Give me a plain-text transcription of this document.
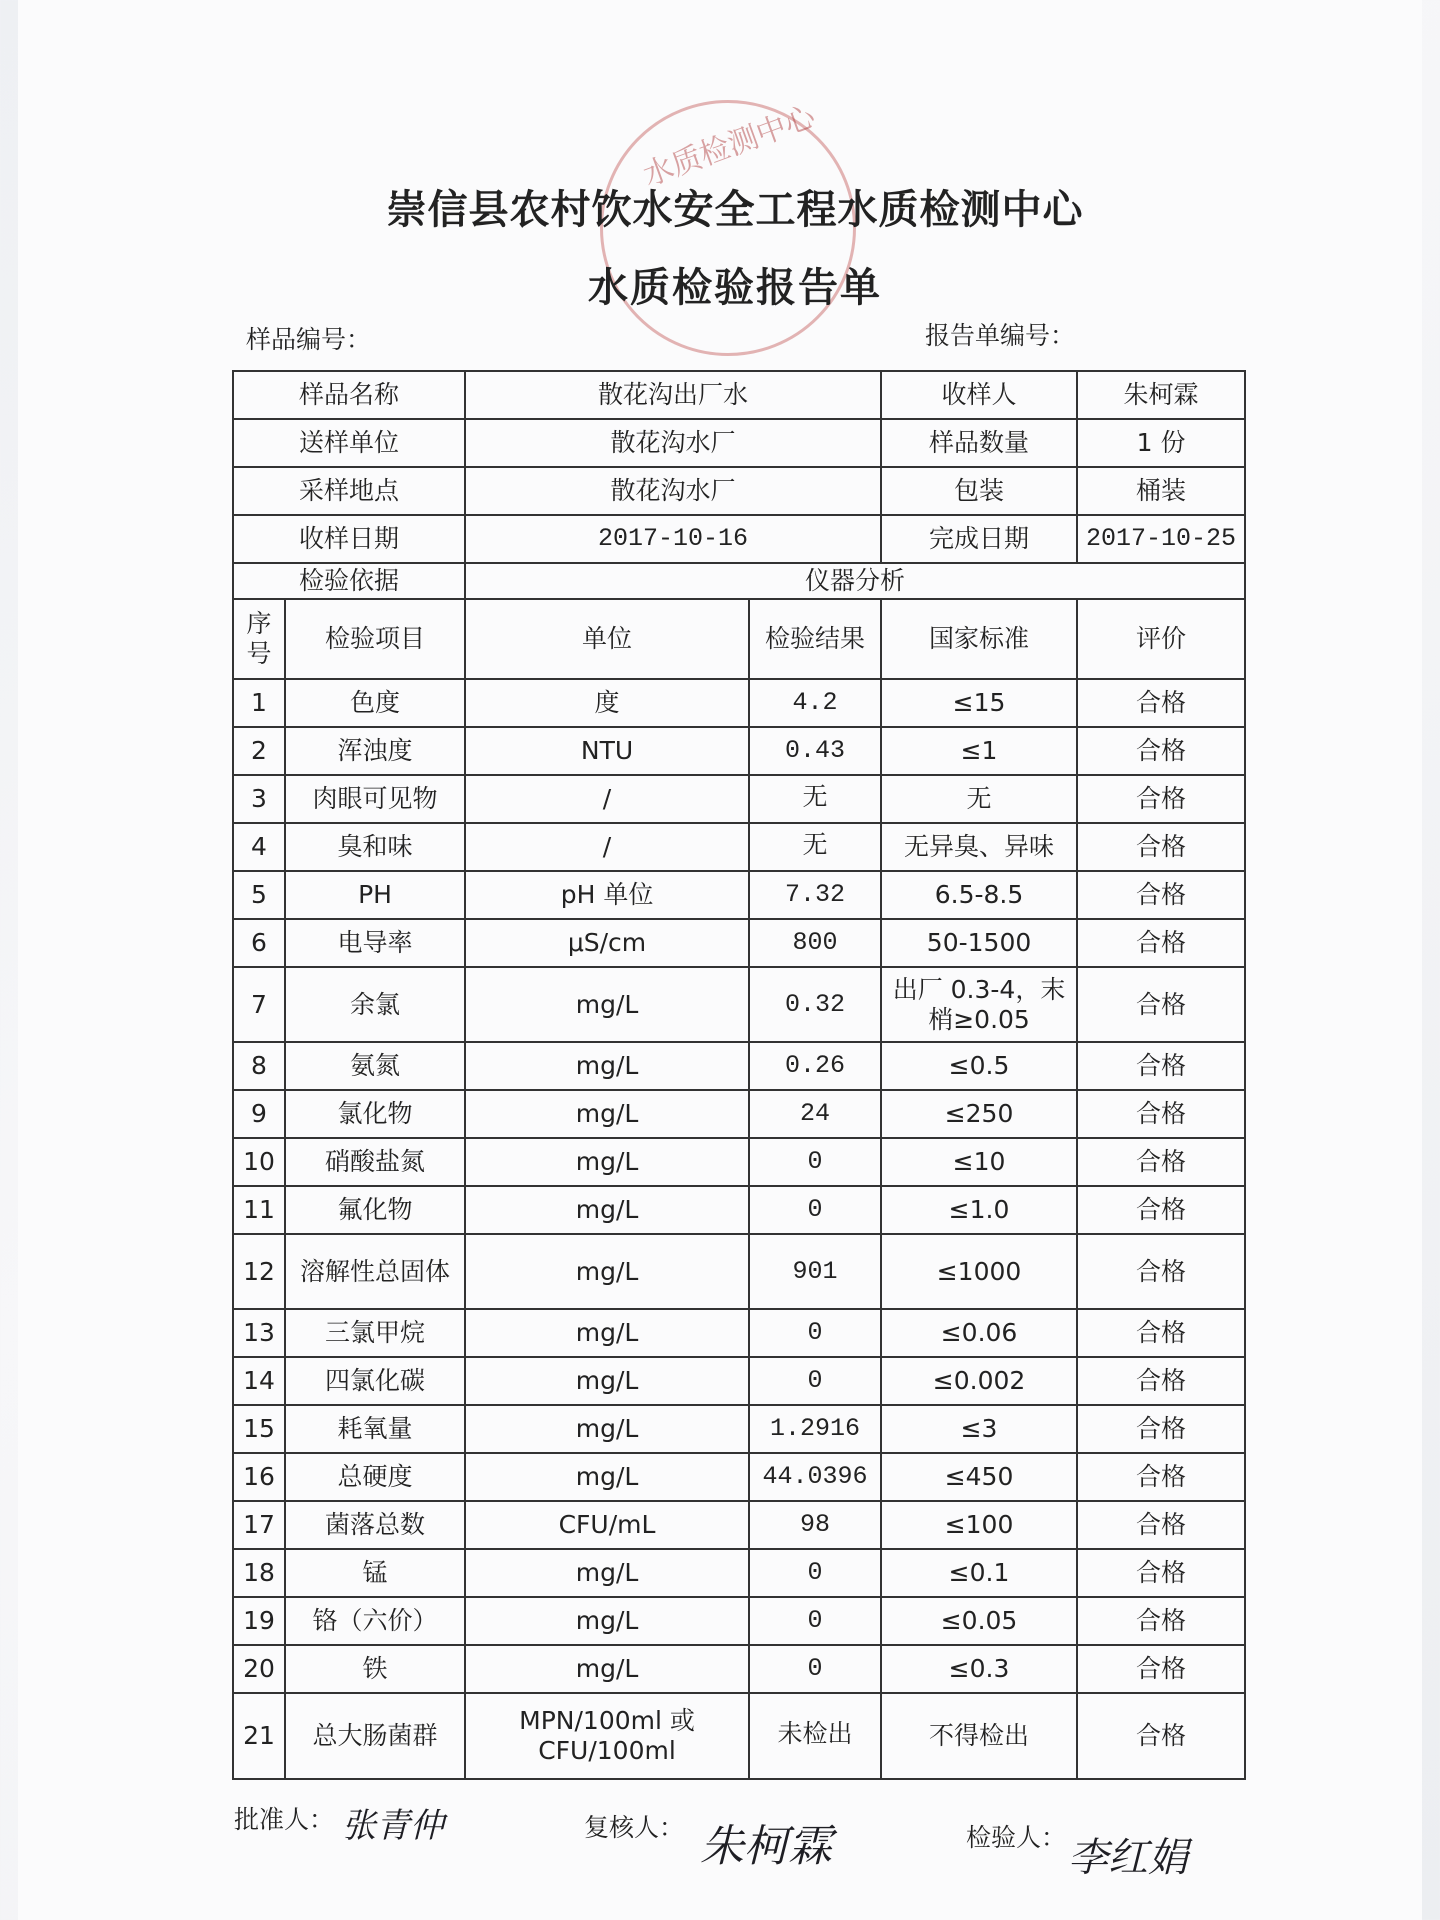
水质检测中心
崇信县农村饮水安全工程水质检测中心
水质检验报告单
样品编号：	报告单编号：
样品名称		散花沟出厂水		收样人	朱柯霖
送样单位		散花沟水厂		样品数量	1 份
采样地点		散花沟水厂		包装	桶装
收样日期		2017-10-16		完成日期	2017-10-25
检验依据		仪器分析			
序号	检验项目	单位	检验结果	国家标准	评价
1	色度	度	4.2	≤15	合格
2	浑浊度	NTU	0.43	≤1	合格
3	肉眼可见物	/	无	无	合格
4	臭和味	/	无	无异臭、异味	合格
5	PH	pH 单位	7.32	6.5-8.5	合格
6	电导率	μS/cm	800	50-1500	合格
7	余氯	mg/L	0.32	出厂 0.3-4，末梢≥0.05	合格
8	氨氮	mg/L	0.26	≤0.5	合格
9	氯化物	mg/L	24	≤250	合格
10	硝酸盐氮	mg/L	0	≤10	合格
11	氟化物	mg/L	0	≤1.0	合格
12	溶解性总固体	mg/L	901	≤1000	合格
13	三氯甲烷	mg/L	0	≤0.06	合格
14	四氯化碳	mg/L	0	≤0.002	合格
15	耗氧量	mg/L	1.2916	≤3	合格
16	总硬度	mg/L	44.0396	≤450	合格
17	菌落总数	CFU/mL	98	≤100	合格
18	锰	mg/L	0	≤0.1	合格
19	铬（六价）	mg/L	0	≤0.05	合格
20	铁	mg/L	0	≤0.3	合格
21	总大肠菌群	MPN/100ml 或 CFU/100ml	未检出	不得检出	合格
批准人： 张青仲	复核人： 朱柯霖	检验人： 李红娟
